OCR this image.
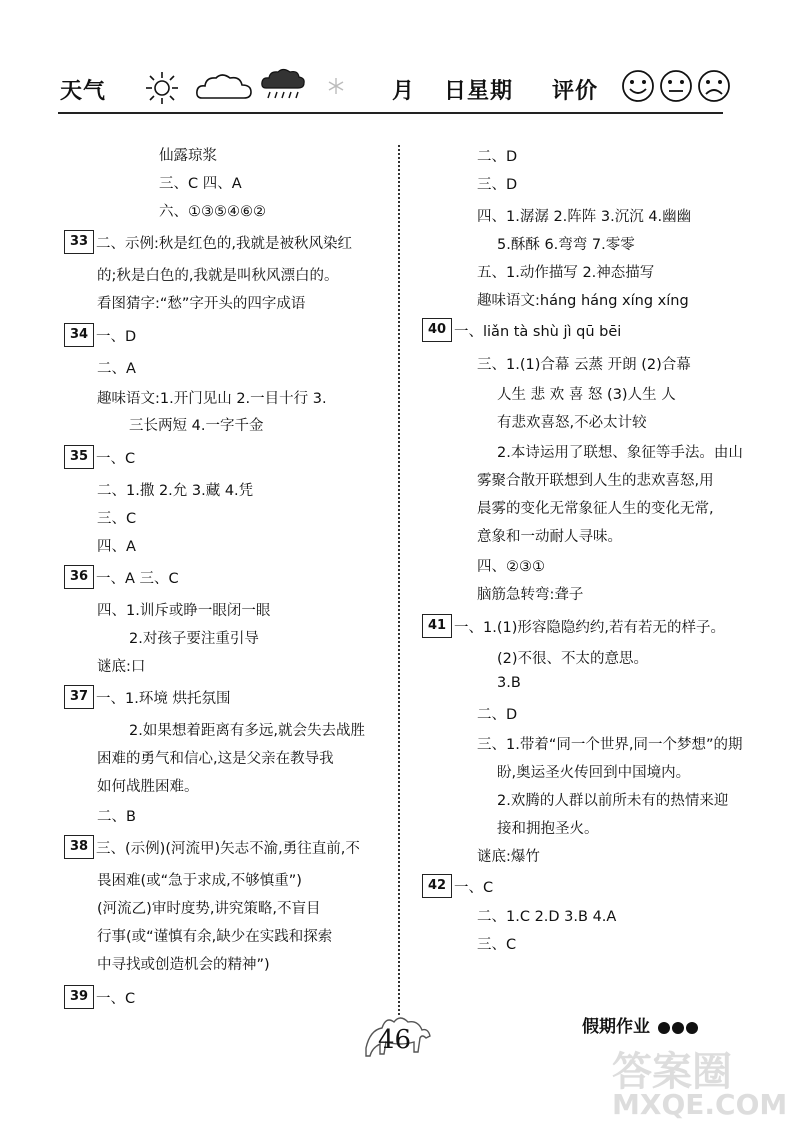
天气	月 日星期 评价
仙露琼浆
三、C 四、A
六、①③⑤④⑥②
33 二、示例:秋是红色的,我就是被秋风染红
的;秋是白色的,我就是叫秋风漂白的。
看图猜字:“愁”字开头的四字成语
34 一、D
二、A
趣味语文:1.开门见山 2.一目十行 3.
三长两短 4.一字千金
35 一、C
二、1.撒 2.允 3.藏 4.凭
三、C
四、A
36 一、A 三、C
四、1.训斥或睁一眼闭一眼
2.对孩子要注重引导
谜底:口
37 一、1.环境 烘托氛围
2.如果想着距离有多远,就会失去战胜
困难的勇气和信心,这是父亲在教导我
如何战胜困难。
二、B
38 三、(示例)(河流甲)矢志不渝,勇往直前,不
畏困难(或“急于求成,不够慎重”)
(河流乙)审时度势,讲究策略,不盲目
行事(或“谨慎有余,缺少在实践和探索
中寻找或创造机会的精神”)
39 一、C
二、D
三、D
四、1.潺潺 2.阵阵 3.沉沉 4.幽幽
5.酥酥 6.弯弯 7.零零
五、1.动作描写 2.神态描写
趣味语文:háng háng xíng xíng
40 一、liǎn tà shù jì qū bēi
三、1.(1)合幕 云蒸 开朗 (2)合幕
人生 悲 欢 喜 怒 (3)人生 人
有悲欢喜怒,不必太计较
2.本诗运用了联想、象征等手法。由山
雾聚合散开联想到人生的悲欢喜怒,用
晨雾的变化无常象征人生的变化无常,
意象和一动耐人寻味。
四、②③①
脑筋急转弯:聋子
41 一、1.(1)形容隐隐约约,若有若无的样子。
(2)不很、不太的意思。
3.B
二、D
三、1.带着“同一个世界,同一个梦想”的期
盼,奥运圣火传回到中国境内。
2.欢腾的人群以前所未有的热情来迎
接和拥抱圣火。
谜底:爆竹
42 一、C
二、1.C 2.D 3.B 4.A
三、C
46	假期作业
答案圈
MXQE.COM
